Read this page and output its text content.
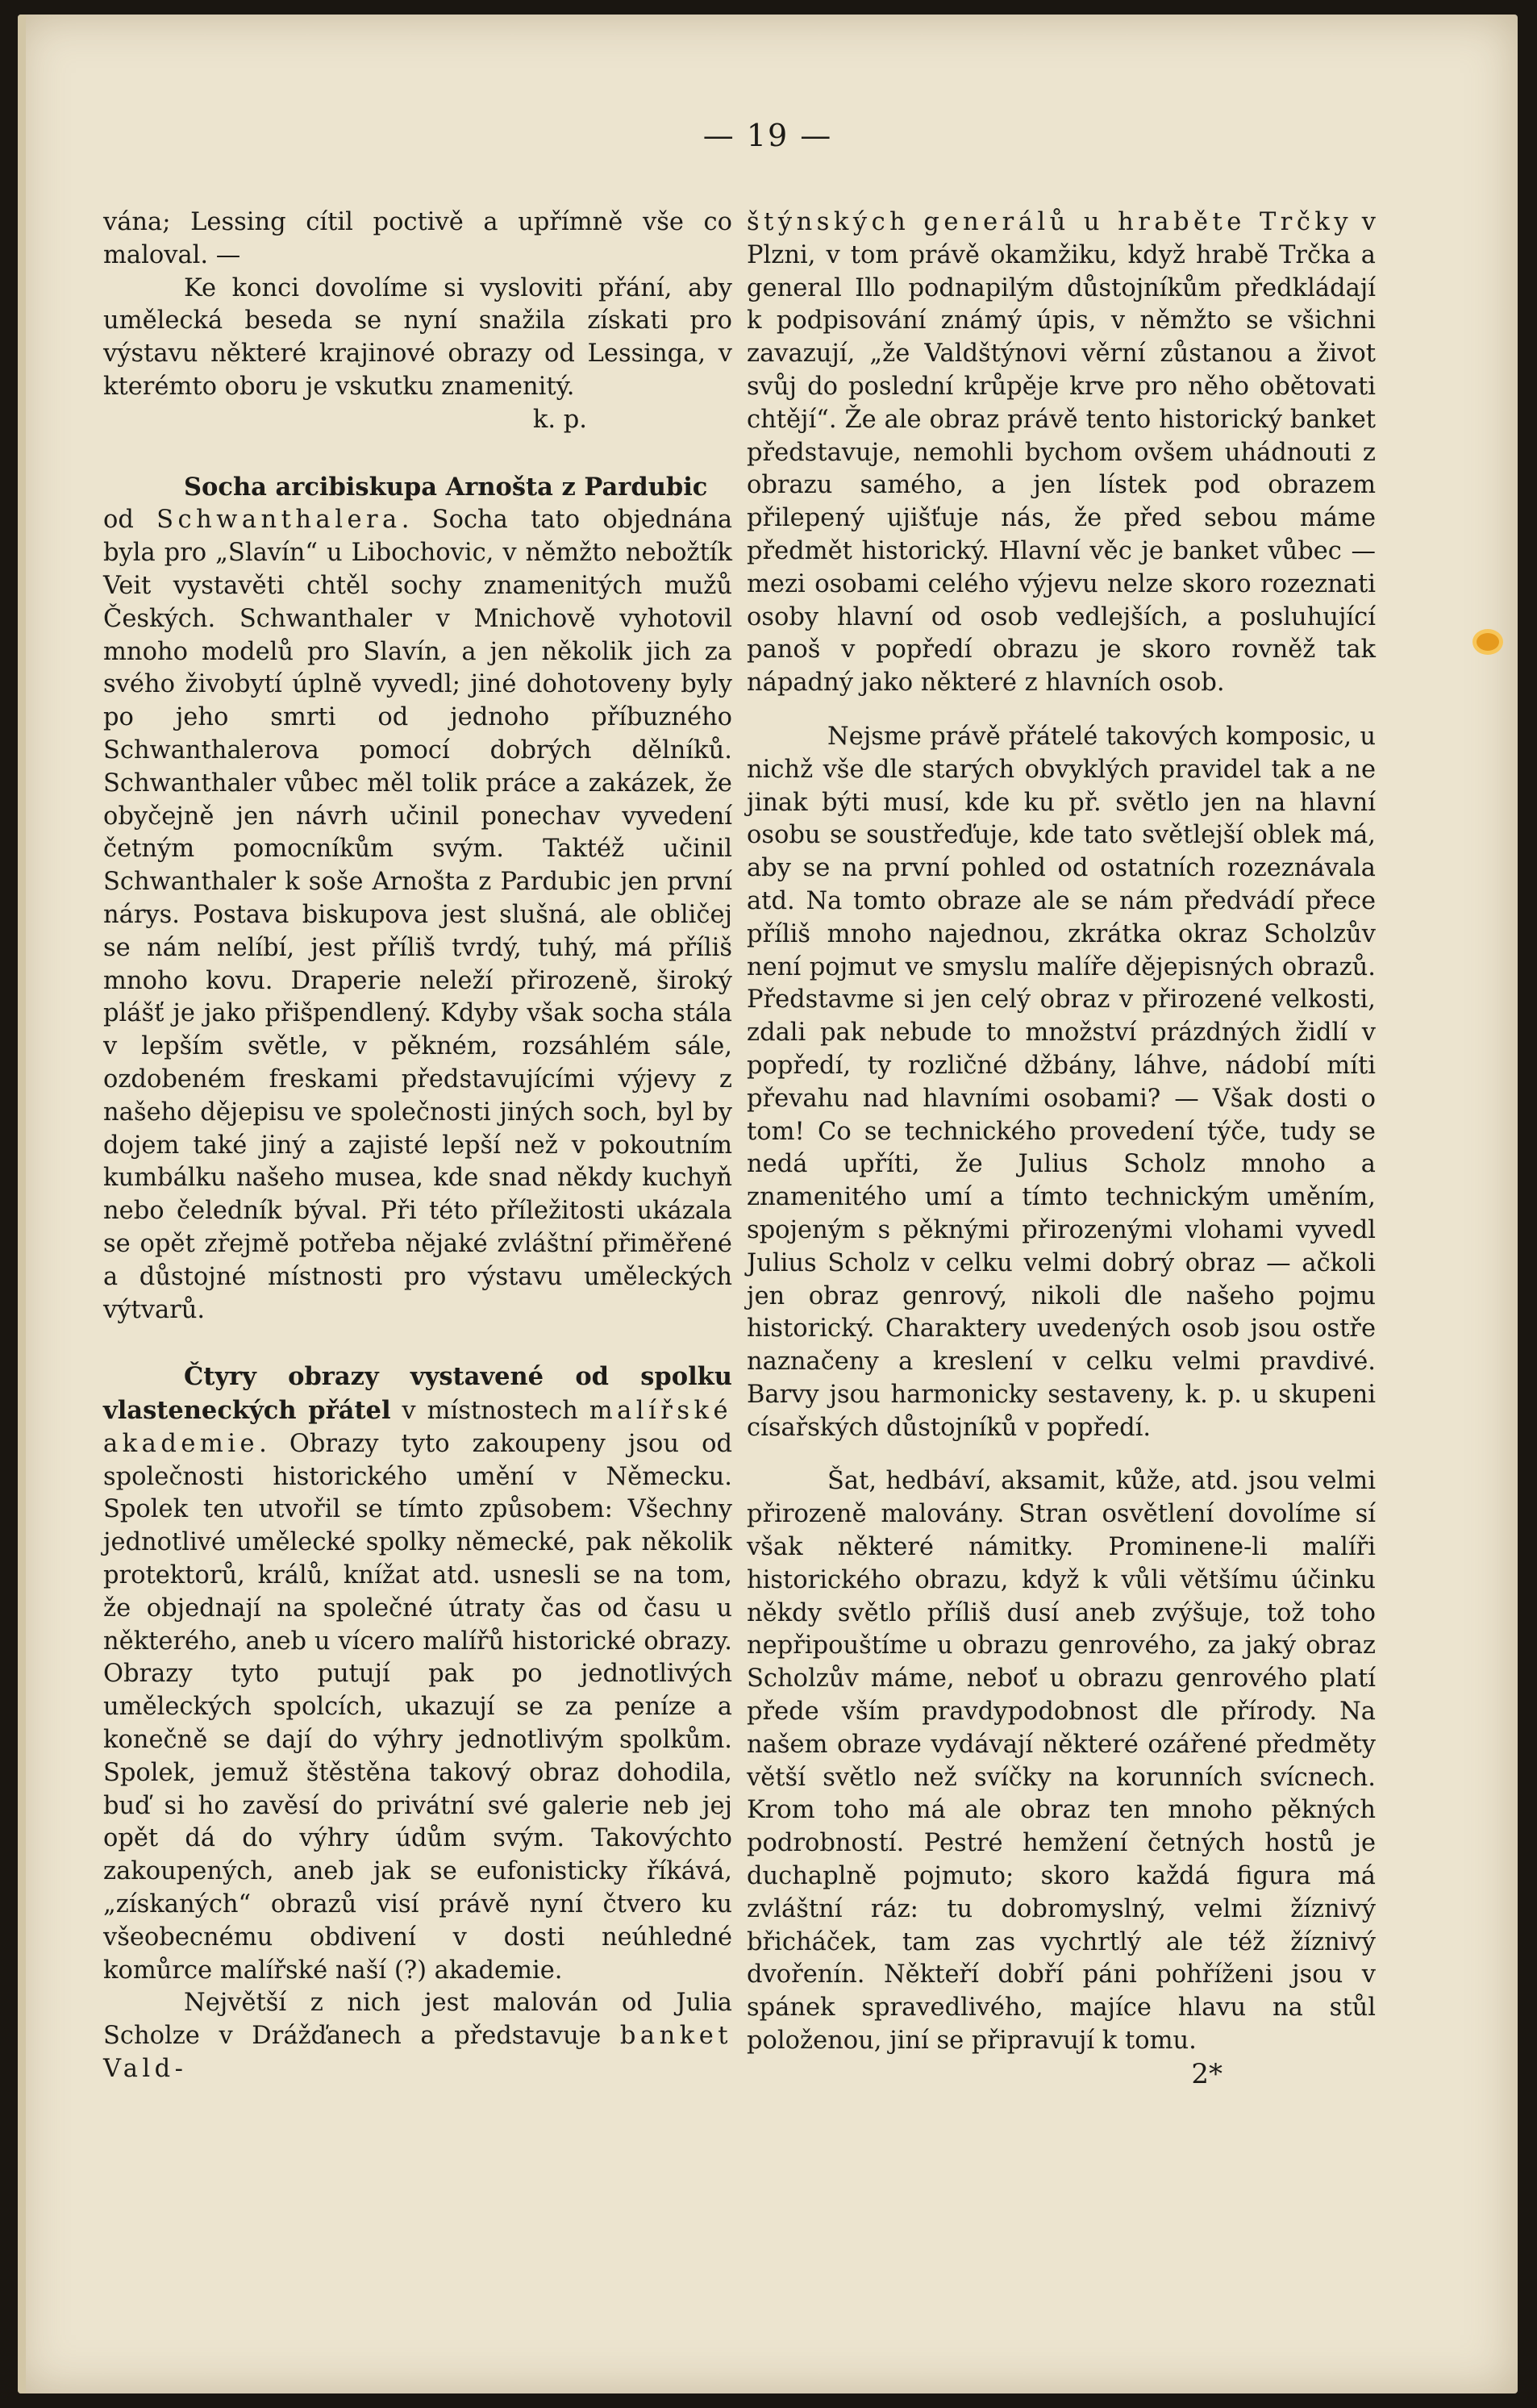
— 19 —

vána; Lessing cítil poctivě a upřímně vše co maloval. —

Ke konci dovolíme si vysloviti přání, aby umělecká beseda se nyní snažila získati pro výstavu některé krajinové obrazy od Lessinga, v kterémto oboru je vskutku znamenitý.

k. p.

Socha arcibiskupa Arnošta z Pardubic
od Schwanthalera. Socha tato objednána byla pro „Slavín“ u Libochovic, v němžto nebožtík Veit vystavěti chtěl sochy znamenitých mužů Českých. Schwanthaler v Mnichově vyhotovil mnoho modelů pro Slavín, a jen několik jich za svého živobytí úplně vyvedl; jiné dohotoveny byly po jeho smrti od jednoho příbuzného Schwanthalerova pomocí dobrých dělníků. Schwanthaler vůbec měl tolik práce a zakázek, že obyčejně jen návrh učinil ponechav vyvedení četným pomocníkům svým. Taktéž učinil Schwanthaler k soše Arnošta z Pardubic jen první nárys. Postava biskupova jest slušná, ale obličej se nám nelíbí, jest příliš tvrdý, tuhý, má příliš mnoho kovu. Draperie neleží přirozeně, široký plášť je jako přišpendlený. Kdyby však socha stála v lepším světle, v pěkném, rozsáhlém sále, ozdobeném freskami představujícími výjevy z našeho dějepisu ve společnosti jiných soch, byl by dojem také jiný a zajisté lepší než v pokoutním kumbálku našeho musea, kde snad někdy kuchyň nebo čeledník býval. Při této příležitosti ukázala se opět zřejmě potřeba nějaké zvláštní přiměřené a důstojné místnosti pro výstavu uměleckých výtvarů.

Čtyry obrazy vystavené od spolku vlasteneckých přátel v místnostech malířské akademie. Obrazy tyto zakoupeny jsou od společnosti historického umění v Německu. Spolek ten utvořil se tímto způsobem: Všechny jednotlivé umělecké spolky německé, pak několik protektorů, králů, knížat atd. usnesli se na tom, že objednají na společné útraty čas od času u některého, aneb u vícero malířů historické obrazy. Obrazy tyto putují pak po jednotlivých uměleckých spolcích, ukazují se za peníze a konečně se dají do výhry jednotlivým spolkům. Spolek, jemuž štěstěna takový obraz dohodila, buď si ho zavěsí do privátní své galerie neb jej opět dá do výhry údům svým. Takovýchto zakoupených, aneb jak se eufonisticky říkává, „získaných“ obrazů visí právě nyní čtvero ku všeobecnému obdivení v dosti neúhledné komůrce malířské naší (?) akademie.

Největší z nich jest malován od Julia Scholze v Drážďanech a představuje banket Vald-

štýnských generálů u hraběte Trčky v Plzni, v tom právě okamžiku, když hrabě Trčka a general Illo podnapilým důstojníkům předkládají k podpisování známý úpis, v němžto se všichni zavazují, „že Valdštýnovi věrní zůstanou a život svůj do poslední krůpěje krve pro něho obětovati chtějí“. Že ale obraz právě tento historický banket představuje, nemohli bychom ovšem uhádnouti z obrazu samého, a jen lístek pod obrazem přilepený ujišťuje nás, že před sebou máme předmět historický. Hlavní věc je banket vůbec — mezi osobami celého výjevu nelze skoro rozeznati osoby hlavní od osob vedlejších, a posluhující panoš v popředí obrazu je skoro rovněž tak nápadný jako některé z hlavních osob.

Nejsme právě přátelé takových komposic, u nichž vše dle starých obvyklých pravidel tak a ne jinak býti musí, kde ku př. světlo jen na hlavní osobu se soustřeďuje, kde tato světlejší oblek má, aby se na první pohled od ostatních rozeznávala atd. Na tomto obraze ale se nám předvádí přece příliš mnoho najednou, zkrátka okraz Scholzův není pojmut ve smyslu malíře dějepisných obrazů. Představme si jen celý obraz v přirozené velkosti, zdali pak nebude to množství prázdných židlí v popředí, ty rozličné džbány, láhve, nádobí míti převahu nad hlavními osobami? — Však dosti o tom! Co se technického provedení týče, tudy se nedá upříti, že Julius Scholz mnoho a znamenitého umí a tímto technickým uměním, spojeným s pěknými přirozenými vlohami vyvedl Julius Scholz v celku velmi dobrý obraz — ačkoli jen obraz genrový, nikoli dle našeho pojmu historický. Charaktery uvedených osob jsou ostře naznačeny a kreslení v celku velmi pravdivé. Barvy jsou harmonicky sestaveny, k. p. u skupeni císařských důstojníků v popředí.

Šat, hedbáví, aksamit, kůže, atd. jsou velmi přirozeně malovány. Stran osvětlení dovolíme sí však některé námitky. Prominene-li malíři historického obrazu, když k vůli většímu účinku někdy světlo příliš dusí aneb zvýšuje, tož toho nepřipouštíme u obrazu genrového, za jaký obraz Scholzův máme, neboť u obrazu genrového platí přede vším pravdypodobnost dle přírody. Na našem obraze vydávají některé ozářené předměty větší světlo než svíčky na korunních svícnech. Krom toho má ale obraz ten mnoho pěkných podrobností. Pestré hemžení četných hostů je duchaplně pojmuto; skoro každá figura má zvláštní ráz: tu dobromyslný, velmi žíznivý břicháček, tam zas vychrtlý ale též žíznivý dvořenín. Někteří dobří páni pohříženi jsou v spánek spravedlivého, majíce hlavu na stůl položenou, jiní se připravují k tomu.

2*
